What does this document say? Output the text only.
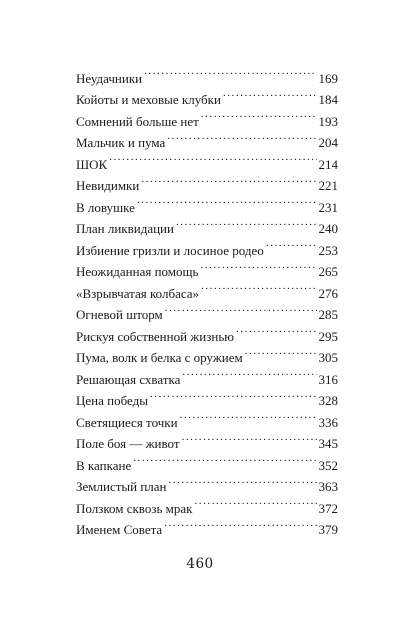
Неудачники . . .	169
Койоты и меховые клубки . . .	184
Сомнений больше нет . . .	193
Мальчик и пума . . .	204
ШОК . . .	214
Невидимки . . .	221
В ловушке . . .	231
План ликвидации . . .	240
Избиение гризли и лосиное родео . . .	253
Неожиданная помощь . . .	265
«Взрывчатая колбаса» . . .	276
Огневой шторм . . .	285
Рискуя собственной жизнью . . .	295
Пума, волк и белка с оружием . . .	305
Решающая схватка . . .	316
Цена победы . . .	328
Светящиеся точки . . .	336
Поле боя — живот . . .	345
В капкане . . .	352
Землистый план . . .	363
Ползком сквозь мрак . . .	372
Именем Совета . . .	379
460
